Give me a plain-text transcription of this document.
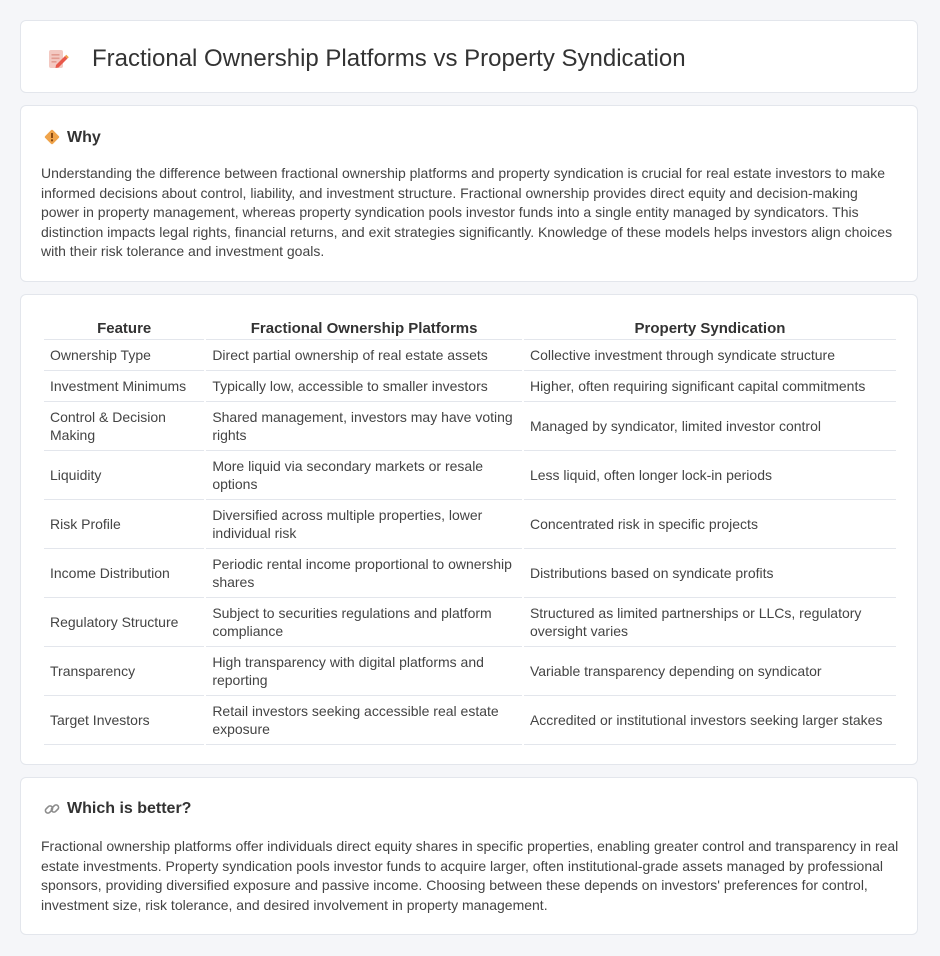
Fractional Ownership Platforms vs Property Syndication
Why

Understanding the difference between fractional ownership platforms and property syndication is crucial for real estate investors to make informed decisions about control, liability, and investment structure. Fractional ownership provides direct equity and decision-making power in property management, whereas property syndication pools investor funds into a single entity managed by syndicators. This distinction impacts legal rights, financial returns, and exit strategies significantly. Knowledge of these models helps investors align choices with their risk tolerance and investment goals.

Feature	Fractional Ownership Platforms	Property Syndication
Ownership Type	Direct partial ownership of real estate assets	Collective investment through syndicate structure
Investment Minimums	Typically low, accessible to smaller investors	Higher, often requiring significant capital commitments
Control & Decision Making	Shared management, investors may have voting rights	Managed by syndicator, limited investor control
Liquidity	More liquid via secondary markets or resale options	Less liquid, often longer lock-in periods
Risk Profile	Diversified across multiple properties, lower individual risk	Concentrated risk in specific projects
Income Distribution	Periodic rental income proportional to ownership shares	Distributions based on syndicate profits
Regulatory Structure	Subject to securities regulations and platform compliance	Structured as limited partnerships or LLCs, regulatory oversight varies
Transparency	High transparency with digital platforms and reporting	Variable transparency depending on syndicator
Target Investors	Retail investors seeking accessible real estate exposure	Accredited or institutional investors seeking larger stakes
Which is better?

Fractional ownership platforms offer individuals direct equity shares in specific properties, enabling greater control and transparency in real estate investments. Property syndication pools investor funds to acquire larger, often institutional-grade assets managed by professional sponsors, providing diversified exposure and passive income. Choosing between these depends on investors' preferences for control, investment size, risk tolerance, and desired involvement in property management.
